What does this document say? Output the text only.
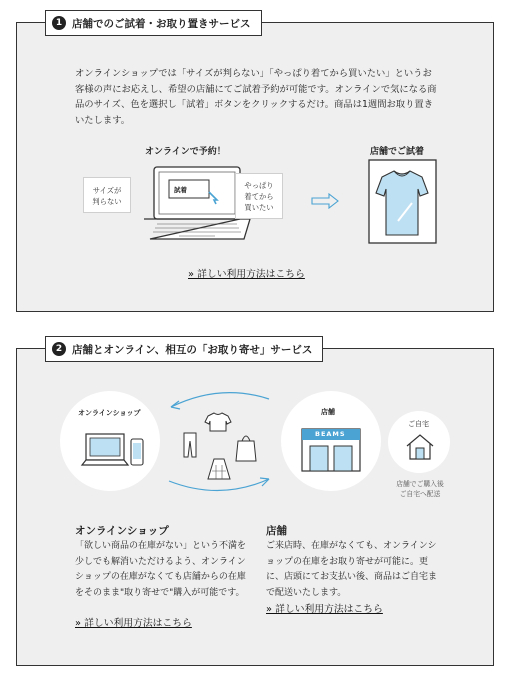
1 店舗でのご試着・お取り置きサービス
オンラインショップでは「サイズが判らない」「やっぱり着てから買いたい」というお客様の声にお応えし、希望の店舗にてご試着予約が可能です。オンラインで気になる商品のサイズ、色を選択し「試着」ボタンをクリックするだけ。商品は1週間お取り置きいたします。
オンラインで予約！	店舗でご試着
サイズが
判らない
試着	やっぱり
着てから
買いたい
» 詳しい利用方法はこちら
2 店舗とオンライン、相互の「お取り寄せ」サービス
オンラインショップ	店舗
BEAMS
ご自宅
店舗でご購入後
ご自宅へ配送
オンラインショップ
「欲しい商品の在庫がない」という不満を少しでも解消いただけるよう、オンラインショップの在庫がなくても店舗からの在庫をそのまま"取り寄せで"購入が可能です。
» 詳しい利用方法はこちら
店舗
ご来店時、在庫がなくても、オンラインショップの在庫をお取り寄せが可能に。更に、店頭にてお支払い後、商品はご自宅まで配送いたします。
» 詳しい利用方法はこちら
